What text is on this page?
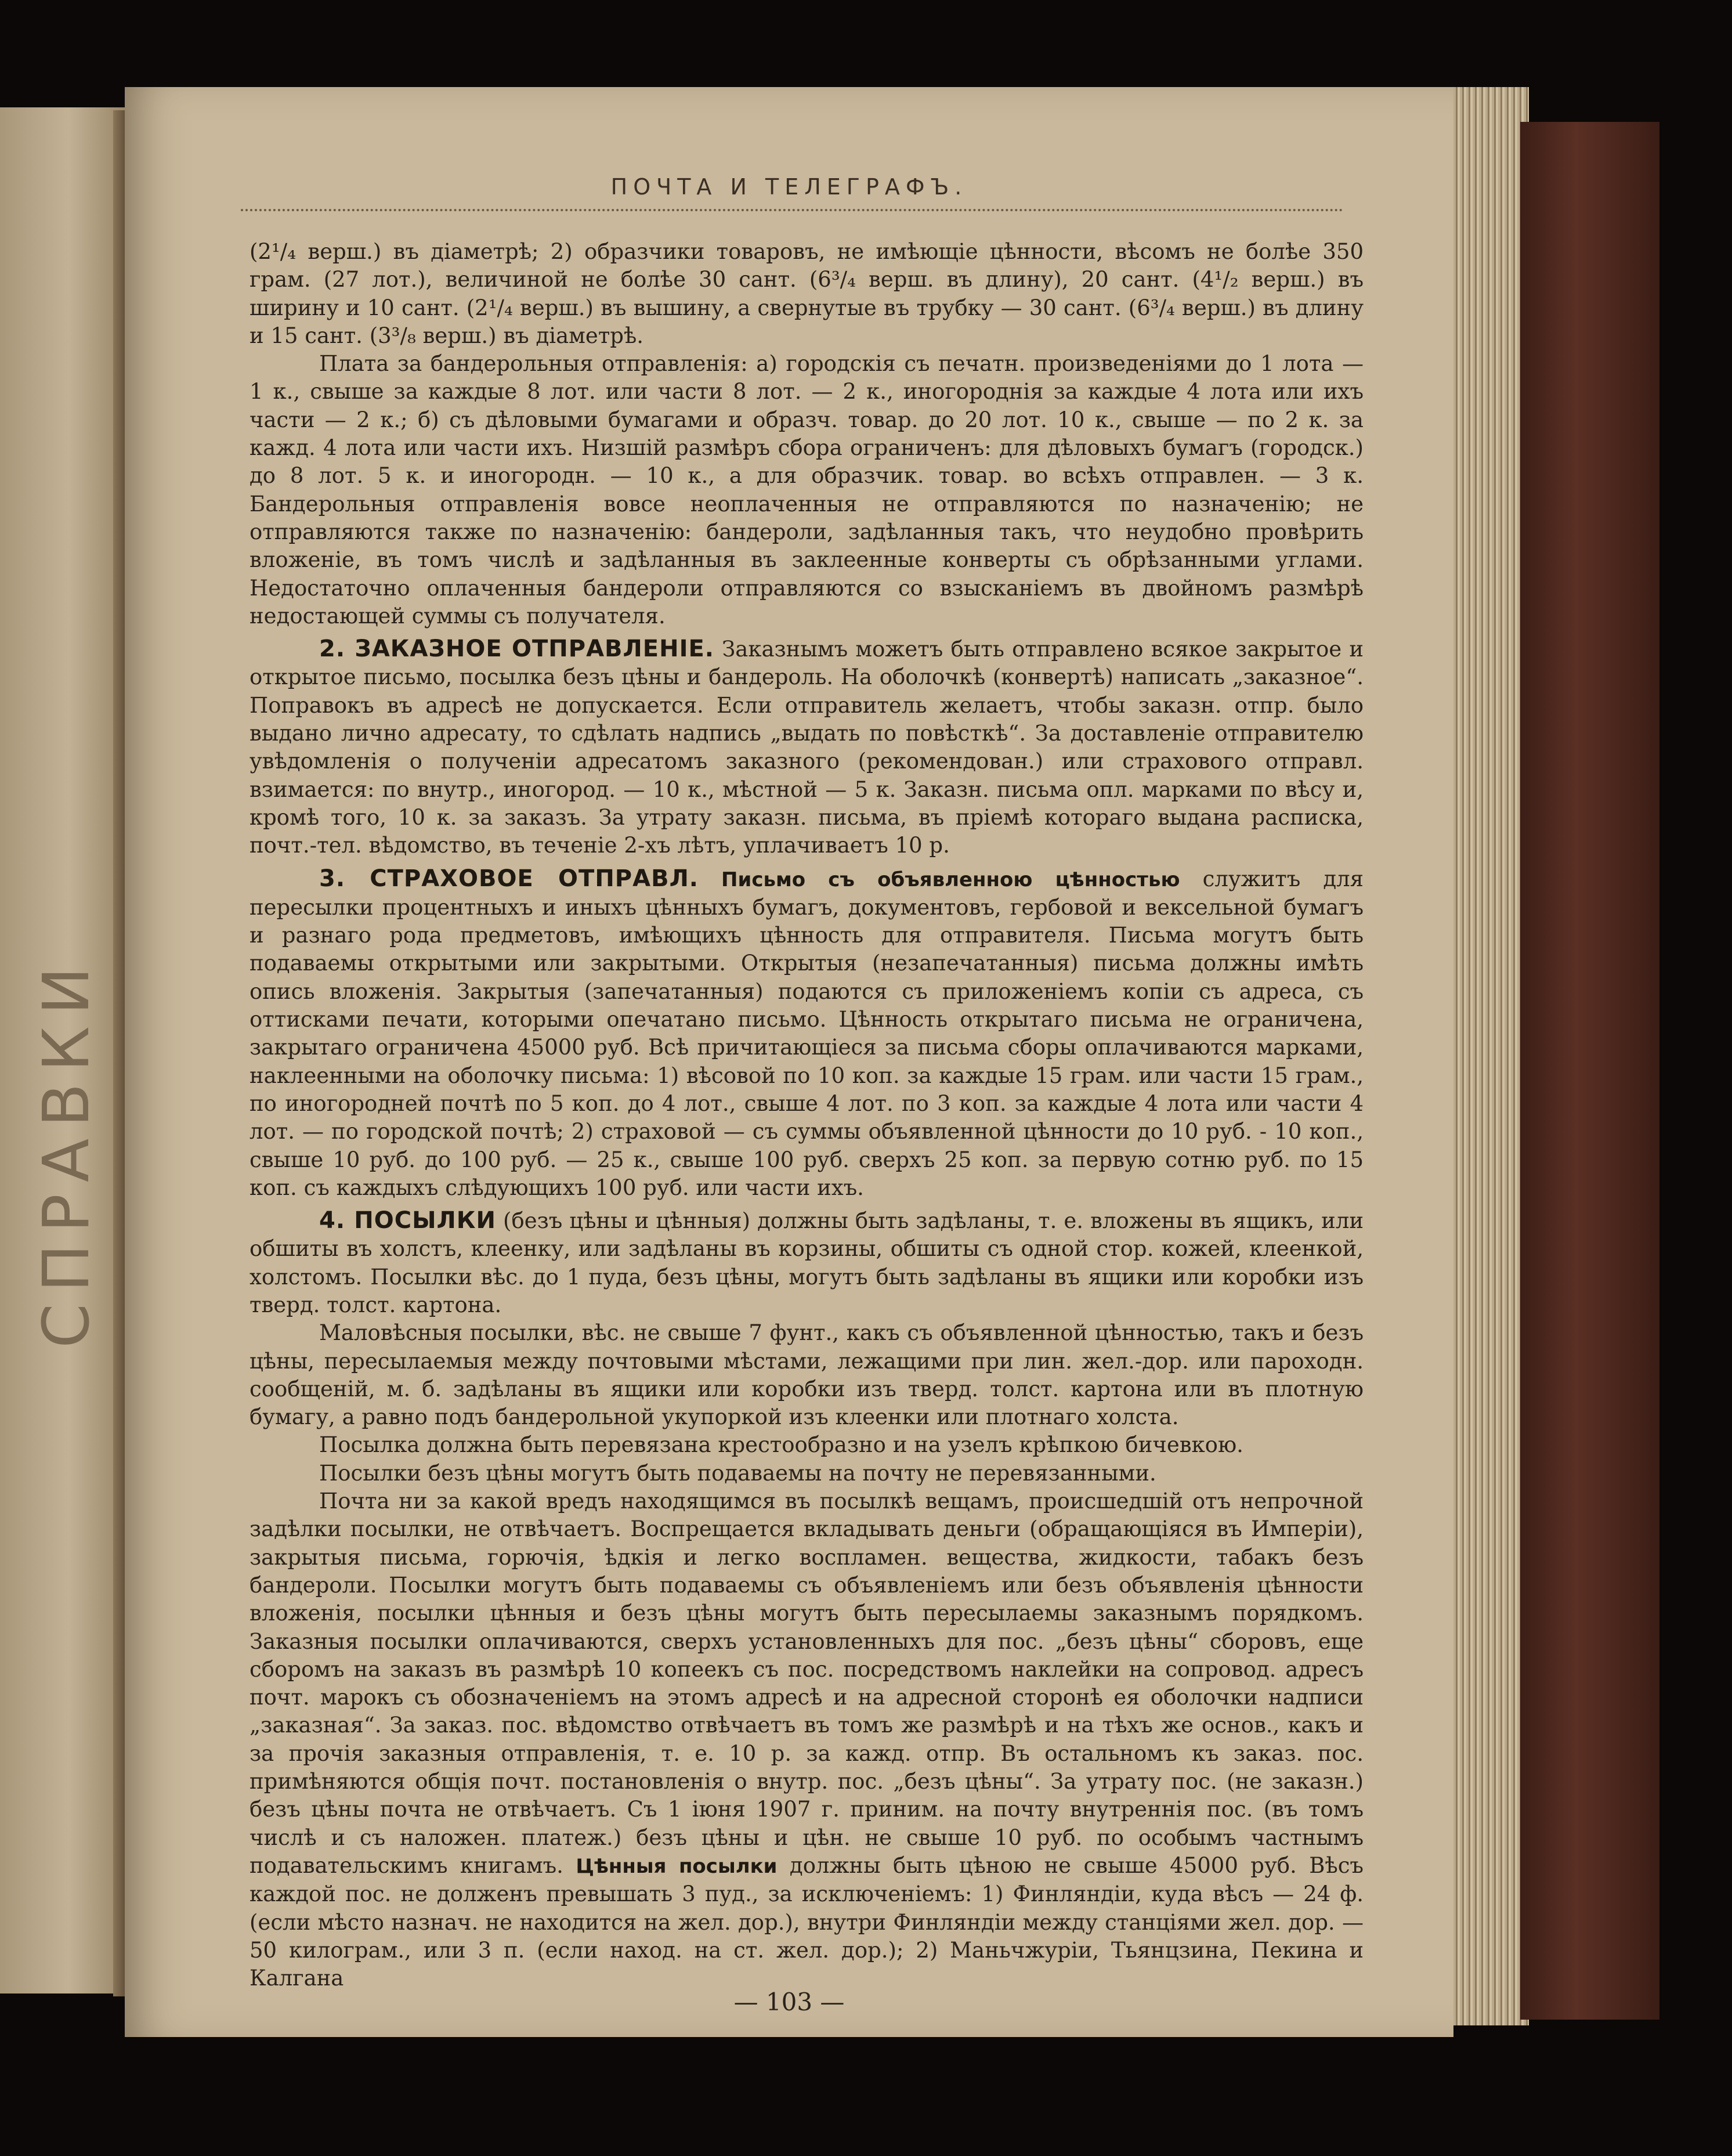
СПРАВКИ
ПОЧТА И ТЕЛЕГРАФЪ.

(2¹/₄ верш.) въ діаметрѣ; 2) образчики товаровъ, не имѣющіе цѣнности, вѣсомъ не болѣе 350 грам. (27 лот.), величиной не болѣе 30 сант. (6³/₄ верш. въ длину), 20 сант. (4¹/₂ верш.) въ ширину и 10 сант. (2¹/₄ верш.) въ вышину, а свернутые въ трубку — 30 сант. (6³/₄ верш.) въ длину и 15 сант. (3³/₈ верш.) въ діаметрѣ.

Плата за бандерольныя отправленія: а) городскія съ печатн. произведеніями до 1 лота — 1 к., свыше за каждые 8 лот. или части 8 лот. — 2 к., иногороднія за каждые 4 лота или ихъ части — 2 к.; б) съ дѣловыми бумагами и образч. товар. до 20 лот. 10 к., свыше — по 2 к. за кажд. 4 лота или части ихъ. Низшій размѣръ сбора ограниченъ: для дѣловыхъ бумагъ (городск.) до 8 лот. 5 к. и иногородн. — 10 к., а для образчик. товар. во всѣхъ отправлен. — 3 к. Бандерольныя отправленія вовсе неоплаченныя не отправляются по назначенію; не отправляются также по назначенію: бандероли, задѣланныя такъ, что неудобно провѣрить вложеніе, въ томъ числѣ и задѣланныя въ заклеенные конверты съ обрѣзанными углами. Недостаточно оплаченныя бандероли отправляются со взысканіемъ въ двойномъ размѣрѣ недостающей суммы съ получателя.

2. ЗАКАЗНОЕ ОТПРАВЛЕНІЕ. Заказнымъ можетъ быть отправлено всякое закрытое и открытое письмо, посылка безъ цѣны и бандероль. На оболочкѣ (конвертѣ) написать „заказное“. Поправокъ въ адресѣ не допускается. Если отправитель желаетъ, чтобы заказн. отпр. было выдано лично адресату, то сдѣлать надпись „выдать по повѣсткѣ“. За доставленіе отправителю увѣдомленія о полученіи адресатомъ заказного (рекомендован.) или страхового отправл. взимается: по внутр., иногород. — 10 к., мѣстной — 5 к. Заказн. письма опл. марками по вѣсу и, кромѣ того, 10 к. за заказъ. За утрату заказн. письма, въ пріемѣ котораго выдана расписка, почт.-тел. вѣдомство, въ теченіе 2-хъ лѣтъ, уплачиваетъ 10 р.

3. СТРАХОВОЕ ОТПРАВЛ. Письмо съ объявленною цѣнностью служитъ для пересылки процентныхъ и иныхъ цѣнныхъ бумагъ, документовъ, гербовой и вексельной бумагъ и разнаго рода предметовъ, имѣющихъ цѣнность для отправителя. Письма могутъ быть подаваемы открытыми или закрытыми. Открытыя (незапечатанныя) письма должны имѣть опись вложенія. Закрытыя (запечатанныя) подаются съ приложеніемъ копіи съ адреса, съ оттисками печати, которыми опечатано письмо. Цѣнность открытаго письма не ограничена, закрытаго ограничена 45000 руб. Всѣ причитающіеся за письма сборы оплачиваются марками, наклеенными на оболочку письма: 1) вѣсовой по 10 коп. за каждые 15 грам. или части 15 грам., по иногородней почтѣ по 5 коп. до 4 лот., свыше 4 лот. по 3 коп. за каждые 4 лота или части 4 лот. — по городской почтѣ; 2) страховой — съ суммы объявленной цѣнности до 10 руб. - 10 коп., свыше 10 руб. до 100 руб. — 25 к., свыше 100 руб. сверхъ 25 коп. за первую сотню руб. по 15 коп. съ каждыхъ слѣдующихъ 100 руб. или части ихъ.

4. ПОСЫЛКИ (безъ цѣны и цѣнныя) должны быть задѣланы, т. е. вложены въ ящикъ, или обшиты въ холстъ, клеенку, или задѣланы въ корзины, обшиты съ одной стор. кожей, клеенкой, холстомъ. Посылки вѣс. до 1 пуда, безъ цѣны, могутъ быть задѣланы въ ящики или коробки изъ тверд. толст. картона.

Маловѣсныя посылки, вѣс. не свыше 7 фунт., какъ съ объявленной цѣнностью, такъ и безъ цѣны, пересылаемыя между почтовыми мѣстами, лежащими при лин. жел.-дор. или пароходн. сообщеній, м. б. задѣланы въ ящики или коробки изъ тверд. толст. картона или въ плотную бумагу, а равно подъ бандерольной укупоркой изъ клеенки или плотнаго холста.

Посылка должна быть перевязана крестообразно и на узелъ крѣпкою бичевкою.

Посылки безъ цѣны могутъ быть подаваемы на почту не перевязанными.

Почта ни за какой вредъ находящимся въ посылкѣ вещамъ, происшедшій отъ непрочной задѣлки посылки, не отвѣчаетъ. Воспрещается вкладывать деньги (обращающіяся въ Имперіи), закрытыя письма, горючія, ѣдкія и легко воспламен. вещества, жидкости, табакъ безъ бандероли. Посылки могутъ быть подаваемы съ объявленіемъ или безъ объявленія цѣнности вложенія, посылки цѣнныя и безъ цѣны могутъ быть пересылаемы заказнымъ порядкомъ. Заказныя посылки оплачиваются, сверхъ установленныхъ для пос. „безъ цѣны“ сборовъ, еще сборомъ на заказъ въ размѣрѣ 10 копеекъ съ пос. посредствомъ наклейки на сопровод. адресъ почт. марокъ съ обозначеніемъ на этомъ адресѣ и на адресной сторонѣ ея оболочки надписи „заказная“. За заказ. пос. вѣдомство отвѣчаетъ въ томъ же размѣрѣ и на тѣхъ же основ., какъ и за прочія заказныя отправленія, т. е. 10 р. за кажд. отпр. Въ остальномъ къ заказ. пос. примѣняются общія почт. постановленія о внутр. пос. „безъ цѣны“. За утрату пос. (не заказн.) безъ цѣны почта не отвѣчаетъ. Съ 1 іюня 1907 г. приним. на почту внутреннія пос. (въ томъ числѣ и съ наложен. платеж.) безъ цѣны и цѣн. не свыше 10 руб. по особымъ частнымъ подавательскимъ книгамъ. Цѣнныя посылки должны быть цѣною не свыше 45000 руб. Вѣсъ каждой пос. не долженъ превышать 3 пуд., за исключеніемъ: 1) Финляндіи, куда вѣсъ — 24 ф. (если мѣсто назнач. не находится на жел. дор.), внутри Финляндіи между станціями жел. дор. — 50 килограм., или 3 п. (если наход. на ст. жел. дор.); 2) Маньчжуріи, Тьянцзина, Пекина и Калгана

— 103 —
